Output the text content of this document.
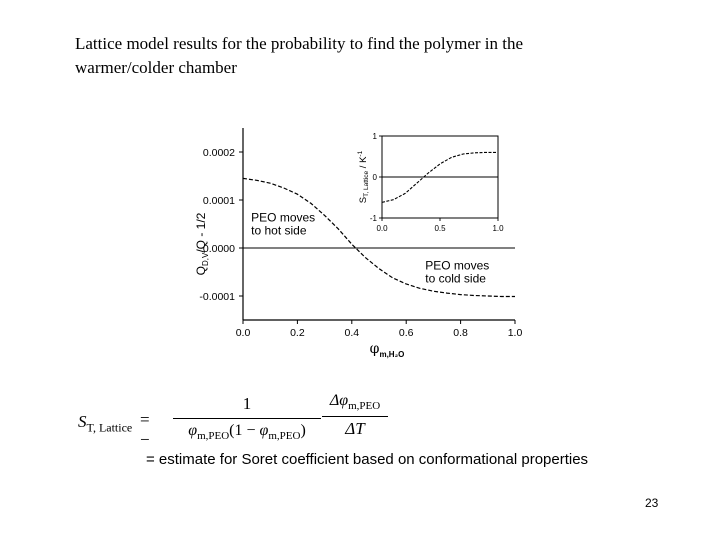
Lattice model results for the probability to find the polymer in the
warmer/colder chamber
0.0002
0.0001
0.0000
-0.0001
0.0	0.2	0.4	0.6	0.8	1.0
$Q_{D,V}/Q - 1/2$
$\varphi_{m,H_2O}$
PEO moves
to hot side
PEO moves
to cold side
1
0
-1
0.0	0.5	1.0
$S_{T, Lattice} / K^{-1}$
$S_{T, Lattice}$ = −
1
$\varphi_{m,PEO}(1 - \varphi_{m,PEO})$
$\Delta\varphi_{m,PEO}$
ΔT
= estimate for Soret coefficient based on conformational properties
23
